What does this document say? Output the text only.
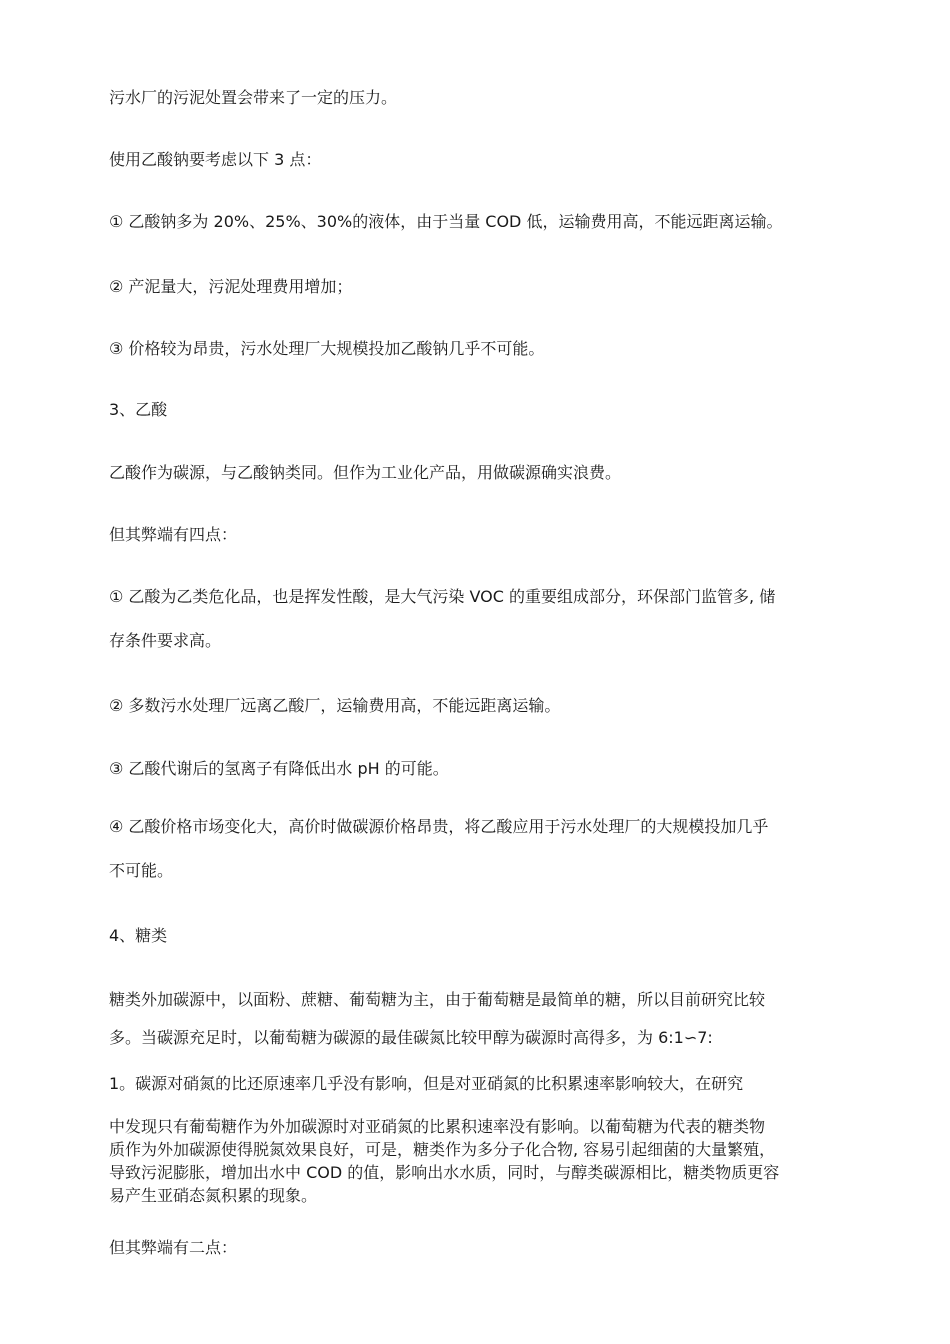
污水厂的污泥处置会带来了一定的压力。
使用乙酸钠要考虑以下 3 点：
① 乙酸钠多为 20%、25%、30%的液体，由于当量 COD 低，运输费用高，不能远距离运输。
② 产泥量大，污泥处理费用增加；
③ 价格较为昂贵，污水处理厂大规模投加乙酸钠几乎不可能。
3、乙酸
乙酸作为碳源，与乙酸钠类同。但作为工业化产品，用做碳源确实浪费。
但其弊端有四点：
① 乙酸为乙类危化品，也是挥发性酸，是大气污染 VOC 的重要组成部分，环保部门监管多, 储
存条件要求高。
② 多数污水处理厂远离乙酸厂，运输费用高，不能远距离运输。
③ 乙酸代谢后的氢离子有降低出水 pH 的可能。
④ 乙酸价格市场变化大，高价时做碳源价格昂贵，将乙酸应用于污水处理厂的大规模投加几乎
不可能。
4、糖类
糖类外加碳源中，以面粉、蔗糖、葡萄糖为主，由于葡萄糖是最简单的糖，所以目前研究比较
多。当碳源充足时，以葡萄糖为碳源的最佳碳氮比较甲醇为碳源时高得多，为 6:1∽7:
1。碳源对硝氮的比还原速率几乎没有影响，但是对亚硝氮的比积累速率影响较大，在研究
中发现只有葡萄糖作为外加碳源时对亚硝氮的比累积速率没有影响。以葡萄糖为代表的糖类物
质作为外加碳源使得脱氮效果良好，可是，糖类作为多分子化合物, 容易引起细菌的大量繁殖，
导致污泥膨胀，增加出水中 COD 的值，影响出水水质，同时，与醇类碳源相比，糖类物质更容
易产生亚硝态氮积累的现象。
但其弊端有二点：
